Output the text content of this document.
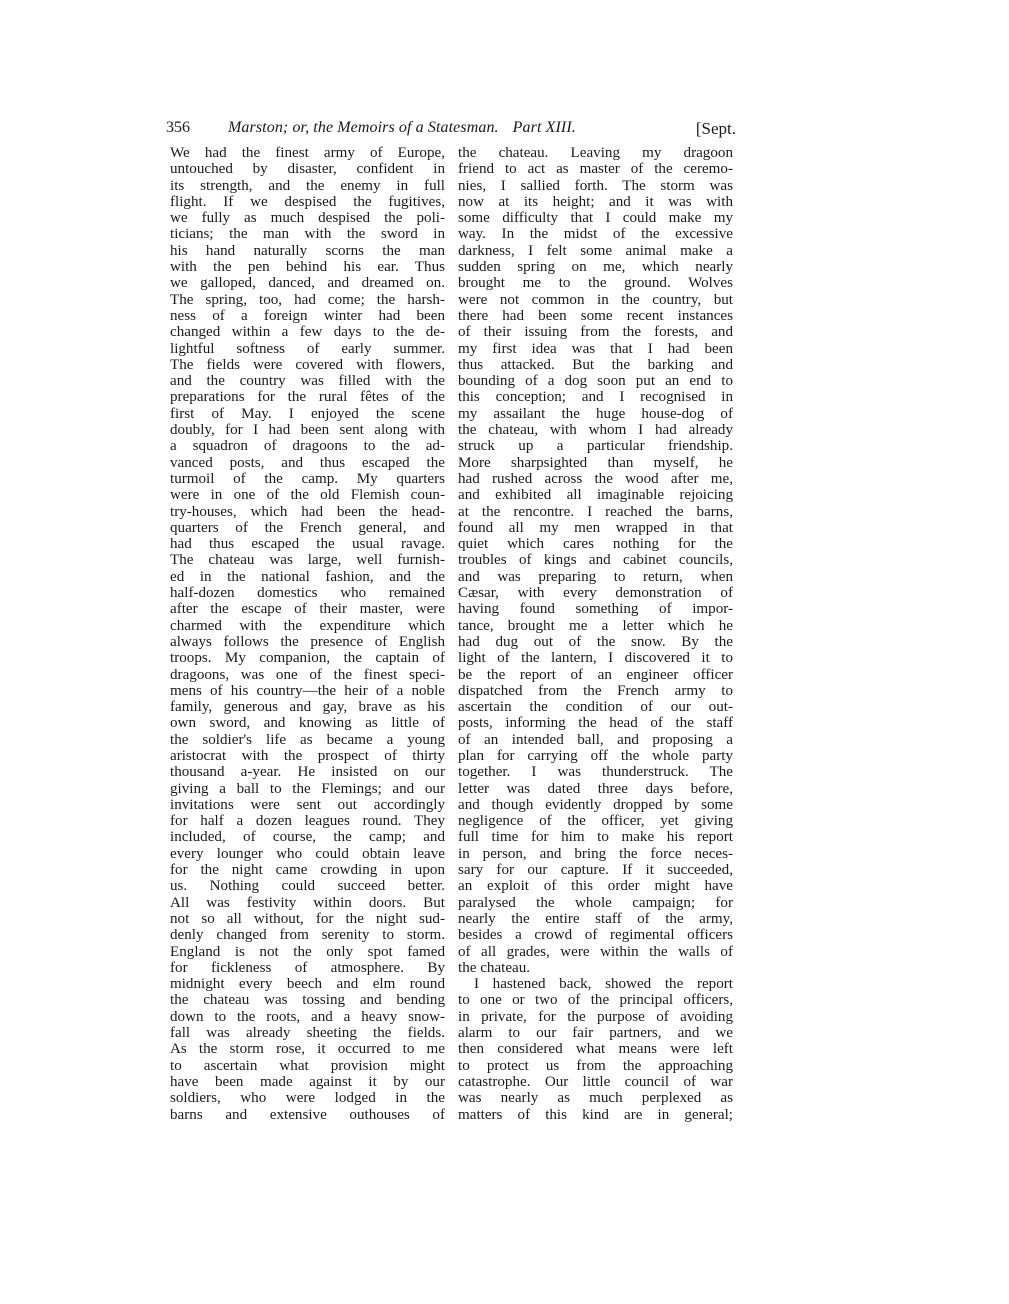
356 Marston; or, the Memoirs of a Statesman. Part XIII.	[Sept.
We had the finest army of Europe,
untouched by disaster, confident in
its strength, and the enemy in full
flight. If we despised the fugitives,
we fully as much despised the poli-
ticians; the man with the sword in
his hand naturally scorns the man
with the pen behind his ear. Thus
we galloped, danced, and dreamed on.
The spring, too, had come; the harsh-
ness of a foreign winter had been
changed within a few days to the de-
lightful softness of early summer.
The fields were covered with flowers,
and the country was filled with the
preparations for the rural fêtes of the
first of May. I enjoyed the scene
doubly, for I had been sent along with
a squadron of dragoons to the ad-
vanced posts, and thus escaped the
turmoil of the camp. My quarters
were in one of the old Flemish coun-
try-houses, which had been the head-
quarters of the French general, and
had thus escaped the usual ravage.
The chateau was large, well furnish-
ed in the national fashion, and the
half-dozen domestics who remained
after the escape of their master, were
charmed with the expenditure which
always follows the presence of English
troops. My companion, the captain of
dragoons, was one of the finest speci-
mens of his country—the heir of a noble
family, generous and gay, brave as his
own sword, and knowing as little of
the soldier's life as became a young
aristocrat with the prospect of thirty
thousand a-year. He insisted on our
giving a ball to the Flemings; and our
invitations were sent out accordingly
for half a dozen leagues round. They
included, of course, the camp; and
every lounger who could obtain leave
for the night came crowding in upon
us. Nothing could succeed better.
All was festivity within doors. But
not so all without, for the night sud-
denly changed from serenity to storm.
England is not the only spot famed
for fickleness of atmosphere. By
midnight every beech and elm round
the chateau was tossing and bending
down to the roots, and a heavy snow-
fall was already sheeting the fields.
As the storm rose, it occurred to me
to ascertain what provision might
have been made against it by our
soldiers, who were lodged in the
barns and extensive outhouses of
the chateau. Leaving my dragoon
friend to act as master of the ceremo-
nies, I sallied forth. The storm was
now at its height; and it was with
some difficulty that I could make my
way. In the midst of the excessive
darkness, I felt some animal make a
sudden spring on me, which nearly
brought me to the ground. Wolves
were not common in the country, but
there had been some recent instances
of their issuing from the forests, and
my first idea was that I had been
thus attacked. But the barking and
bounding of a dog soon put an end to
this conception; and I recognised in
my assailant the huge house-dog of
the chateau, with whom I had already
struck up a particular friendship.
More sharpsighted than myself, he
had rushed across the wood after me,
and exhibited all imaginable rejoicing
at the rencontre. I reached the barns,
found all my men wrapped in that
quiet which cares nothing for the
troubles of kings and cabinet councils,
and was preparing to return, when
Cæsar, with every demonstration of
having found something of impor-
tance, brought me a letter which he
had dug out of the snow. By the
light of the lantern, I discovered it to
be the report of an engineer officer
dispatched from the French army to
ascertain the condition of our out-
posts, informing the head of the staff
of an intended ball, and proposing a
plan for carrying off the whole party
together. I was thunderstruck. The
letter was dated three days before,
and though evidently dropped by some
negligence of the officer, yet giving
full time for him to make his report
in person, and bring the force neces-
sary for our capture. If it succeeded,
an exploit of this order might have
paralysed the whole campaign; for
nearly the entire staff of the army,
besides a crowd of regimental officers
of all grades, were within the walls of
the chateau.
I hastened back, showed the report
to one or two of the principal officers,
in private, for the purpose of avoiding
alarm to our fair partners, and we
then considered what means were left
to protect us from the approaching
catastrophe. Our little council of war
was nearly as much perplexed as
matters of this kind are in general;
